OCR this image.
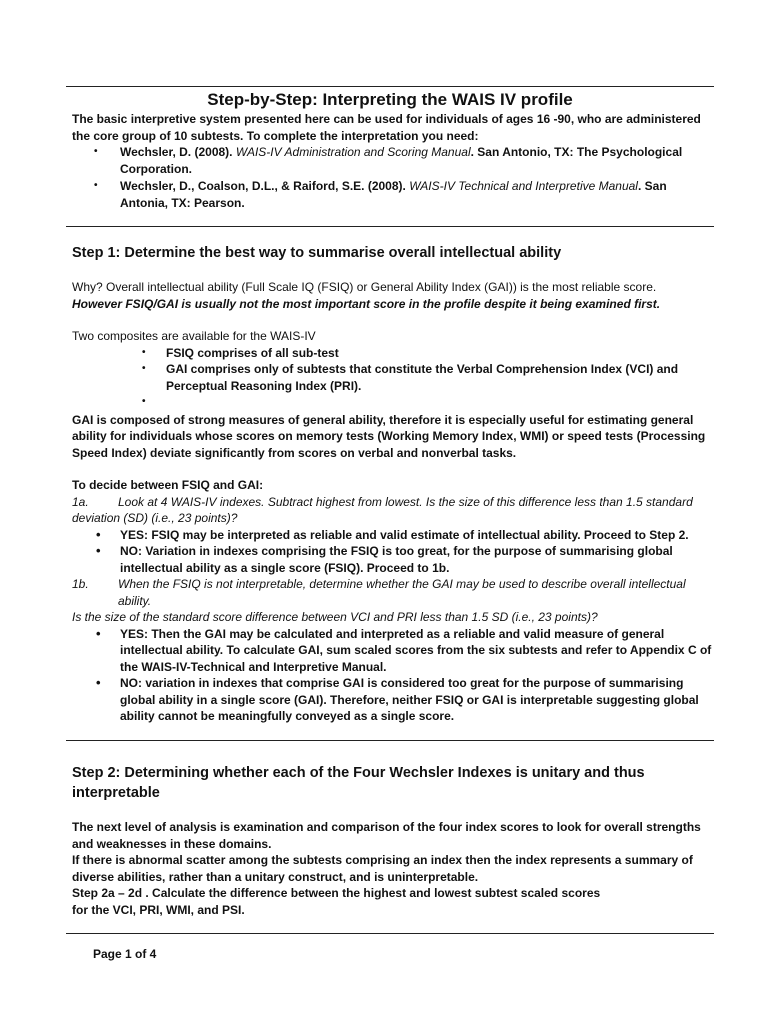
Step-by-Step: Interpreting the WAIS IV profile
The basic interpretive system presented here can be used for individuals of ages 16 -90, who are administered the core group of 10 subtests. To complete the interpretation you need:
• Wechsler, D. (2008). WAIS-IV Administration and Scoring Manual. San Antonio, TX: The Psychological Corporation.
• Wechsler, D., Coalson, D.L., & Raiford, S.E. (2008). WAIS-IV Technical and Interpretive Manual. San Antonia, TX: Pearson.
Step 1: Determine the best way to summarise overall intellectual ability
Why? Overall intellectual ability (Full Scale IQ (FSIQ) or General Ability Index (GAI)) is the most reliable score.
However FSIQ/GAI is usually not the most important score in the profile despite it being examined first.
Two composites are available for the WAIS-IV
• FSIQ comprises of all sub-test
• GAI comprises only of subtests that constitute the Verbal Comprehension Index (VCI) and Perceptual Reasoning Index (PRI).
•
GAI is composed of strong measures of general ability, therefore it is especially useful for estimating general ability for individuals whose scores on memory tests (Working Memory Index, WMI) or speed tests (Processing Speed Index) deviate significantly from scores on verbal and nonverbal tasks.
To decide between FSIQ and GAI:
1a. Look at 4 WAIS-IV indexes. Subtract highest from lowest. Is the size of this difference less than 1.5 standard deviation (SD) (i.e., 23 points)?
• YES: FSIQ may be interpreted as reliable and valid estimate of intellectual ability. Proceed to Step 2.
• NO: Variation in indexes comprising the FSIQ is too great, for the purpose of summarising global intellectual ability as a single score (FSIQ). Proceed to 1b.
1b.	When the FSIQ is not interpretable, determine whether the GAI may be used to describe overall intellectual ability.
Is the size of the standard score difference between VCI and PRI less than 1.5 SD (i.e., 23 points)?
• YES: Then the GAI may be calculated and interpreted as a reliable and valid measure of general intellectual ability. To calculate GAI, sum scaled scores from the six subtests and refer to Appendix C of the WAIS-IV-Technical and Interpretive Manual.
• NO: variation in indexes that comprise GAI is considered too great for the purpose of summarising global ability in a single score (GAI). Therefore, neither FSIQ or GAI is interpretable suggesting global ability cannot be meaningfully conveyed as a single score.
Step 2: Determining whether each of the Four Wechsler Indexes is unitary and thus interpretable
The next level of analysis is examination and comparison of the four index scores to look for overall strengths and weaknesses in these domains.
If there is abnormal scatter among the subtests comprising an index then the index represents a summary of diverse abilities, rather than a unitary construct, and is uninterpretable.
Step 2a – 2d . Calculate the difference between the highest and lowest subtest scaled scores
for the VCI, PRI, WMI, and PSI.
Page 1 of 4
